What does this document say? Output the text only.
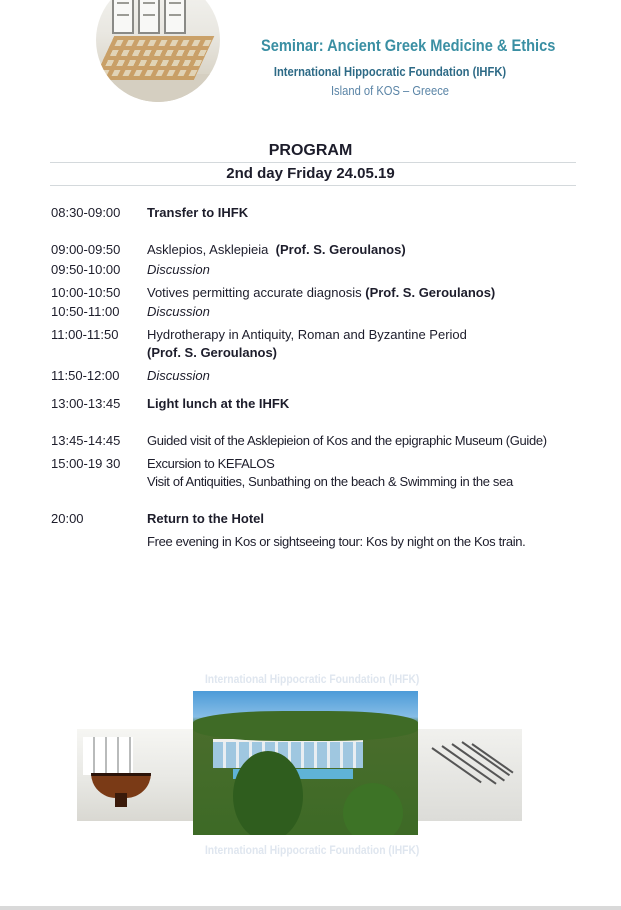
Seminar: Ancient Greek Medicine & Ethics
International Hippocratic Foundation (IHFK)
Island of KOS – Greece
PROGRAM
2nd day Friday 24.05.19
08:30-09:00 Transfer to IHFK
09:00-09:50 Asklepios, Asklepieia (Prof. S. Geroulanos)
09:50-10:00 Discussion
10:00-10:50 Votives permitting accurate diagnosis (Prof. S. Geroulanos)
10:50-11:00 Discussion
11:00-11:50 Hydrotherapy in Antiquity, Roman and Byzantine Period
(Prof. S. Geroulanos)
11:50-12:00 Discussion
13:00-13:45 Light lunch at the IHFK
13:45-14:45 Guided visit of the Asklepieion of Kos and the epigraphic Museum (Guide)
15:00-19 30 Excursion to KEFALOS
Visit of Antiquities, Sunbathing on the beach & Swimming in the sea
20:00	Return to the Hotel
Free evening in Kos or sightseeing tour: Kos by night on the Kos train.
International Hippocratic Foundation (IHFK)
International Hippocratic Foundation (IHFK)
